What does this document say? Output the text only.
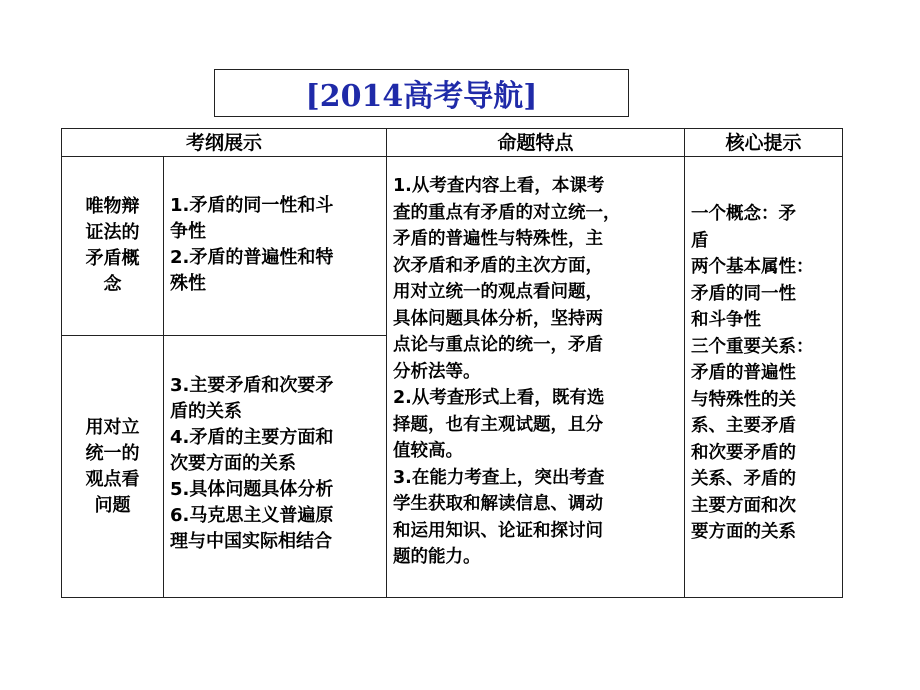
[2014高考导航]
考纲展示	命题特点	核心提示
唯物辩
证法的
矛盾概
念
1.矛盾的同一性和斗
争性
2.矛盾的普遍性和特
殊性
用对立
统一的
观点看
问题
3.主要矛盾和次要矛
盾的关系
4.矛盾的主要方面和
次要方面的关系
5.具体问题具体分析
6.马克思主义普遍原
理与中国实际相结合
1.从考查内容上看，本课考
查的重点有矛盾的对立统一，
矛盾的普遍性与特殊性，主
次矛盾和矛盾的主次方面，
用对立统一的观点看问题，
具体问题具体分析，坚持两
点论与重点论的统一，矛盾
分析法等。
2.从考查形式上看，既有选
择题，也有主观试题，且分
值较高。
3.在能力考查上，突出考查
学生获取和解读信息、调动
和运用知识、论证和探讨问
题的能力。
一个概念：矛
盾
两个基本属性：
矛盾的同一性
和斗争性
三个重要关系：
矛盾的普遍性
与特殊性的关
系、主要矛盾
和次要矛盾的
关系、矛盾的
主要方面和次
要方面的关系
